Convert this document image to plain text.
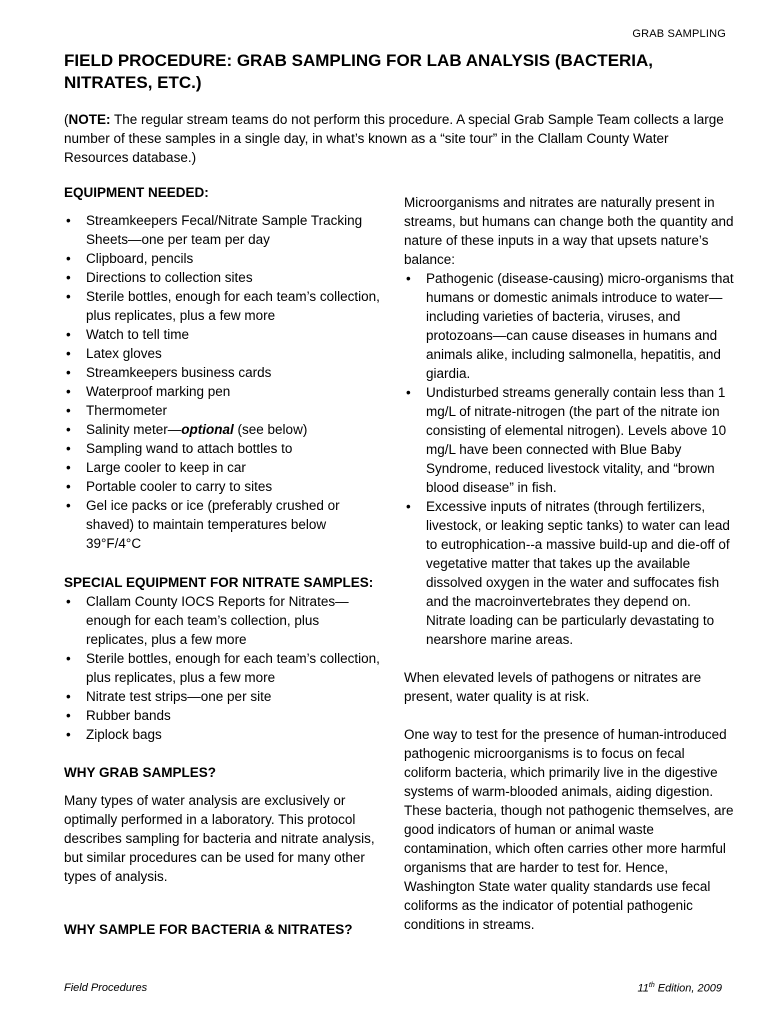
GRAB SAMPLING
FIELD PROCEDURE: GRAB SAMPLING FOR LAB ANALYSIS (BACTERIA, NITRATES, ETC.)

(NOTE: The regular stream teams do not perform this procedure. A special Grab Sample Team collects a large number of these samples in a single day, in what’s known as a “site tour” in the Clallam County Water Resources database.)

EQUIPMENT NEEDED:
• Streamkeepers Fecal/Nitrate Sample Tracking Sheets—one per team per day
• Clipboard, pencils
• Directions to collection sites
• Sterile bottles, enough for each team’s collection, plus replicates, plus a few more
• Watch to tell time
• Latex gloves
• Streamkeepers business cards
• Waterproof marking pen
• Thermometer
• Salinity meter—optional (see below)
• Sampling wand to attach bottles to
• Large cooler to keep in car
• Portable cooler to carry to sites
• Gel ice packs or ice (preferably crushed or shaved) to maintain temperatures below 39°F/4°C
SPECIAL EQUIPMENT FOR NITRATE SAMPLES:
• Clallam County IOCS Reports for Nitrates—enough for each team’s collection, plus replicates, plus a few more
• Sterile bottles, enough for each team’s collection, plus replicates, plus a few more
• Nitrate test strips—one per site
• Rubber bands
• Ziplock bags
WHY GRAB SAMPLES?

Many types of water analysis are exclusively or optimally performed in a laboratory. This protocol describes sampling for bacteria and nitrate analysis, but similar procedures can be used for many other types of analysis.

WHY SAMPLE FOR BACTERIA & NITRATES?

Microorganisms and nitrates are naturally present in streams, but humans can change both the quantity and nature of these inputs in a way that upsets nature’s balance:

• Pathogenic (disease-causing) micro-organisms that humans or domestic animals introduce to water—including varieties of bacteria, viruses, and protozoans—can cause diseases in humans and animals alike, including salmonella, hepatitis, and giardia.
• Undisturbed streams generally contain less than 1 mg/L of nitrate-nitrogen (the part of the nitrate ion consisting of elemental nitrogen). Levels above 10 mg/L have been connected with Blue Baby Syndrome, reduced livestock vitality, and “brown blood disease” in fish.
• Excessive inputs of nitrates (through fertilizers, livestock, or leaking septic tanks) to water can lead to eutrophication--a massive build-up and die-off of vegetative matter that takes up the available dissolved oxygen in the water and suffocates fish and the macroinvertebrates they depend on. Nitrate loading can be particularly devastating to nearshore marine areas.

When elevated levels of pathogens or nitrates are present, water quality is at risk.

One way to test for the presence of human-introduced pathogenic microorganisms is to focus on fecal coliform bacteria, which primarily live in the digestive systems of warm-blooded animals, aiding digestion. These bacteria, though not pathogenic themselves, are good indicators of human or animal waste contamination, which often carries other more harmful organisms that are harder to test for. Hence, Washington State water quality standards use fecal coliforms as the indicator of potential pathogenic conditions in streams.

Field Procedures	11th Edition, 2009
